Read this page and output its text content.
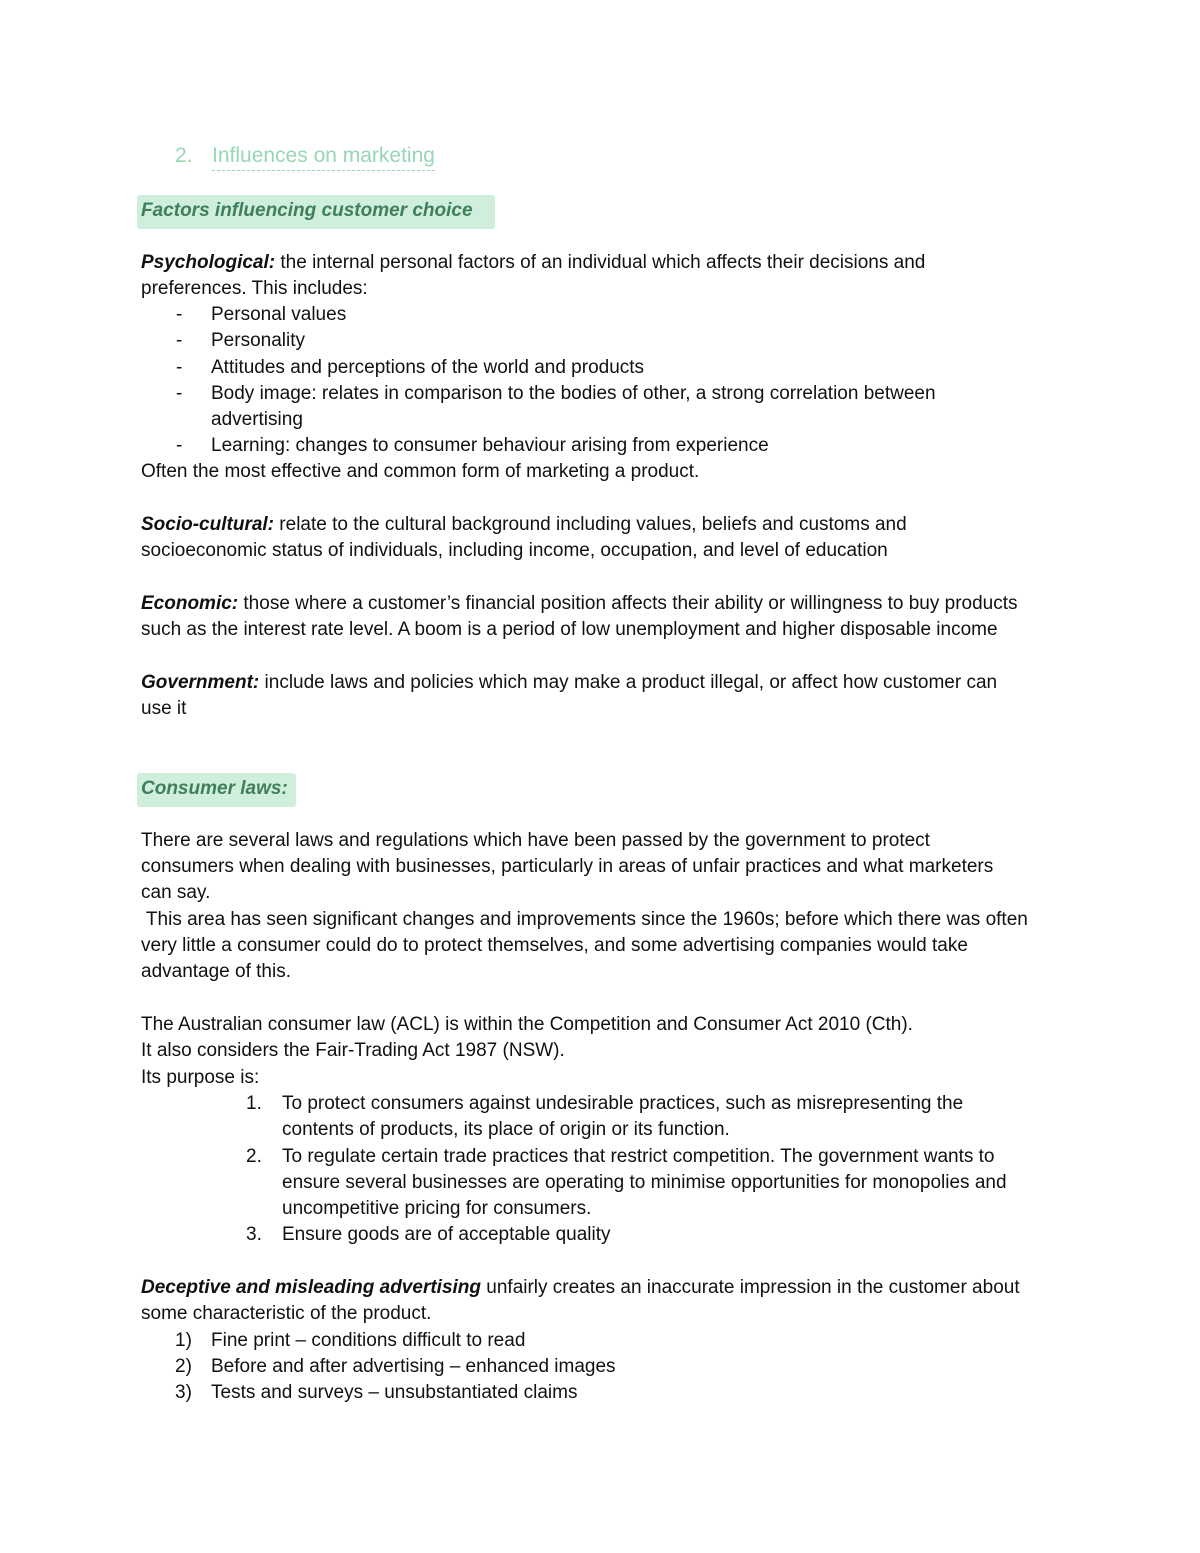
2. Influences on marketing
Factors influencing customer choice
Psychological: the internal personal factors of an individual which affects their decisions and
preferences. This includes:
- Personal values
- Personality
- Attitudes and perceptions of the world and products
- Body image: relates in comparison to the bodies of other, a strong correlation between
advertising
- Learning: changes to consumer behaviour arising from experience
Often the most effective and common form of marketing a product.
Socio-cultural: relate to the cultural background including values, beliefs and customs and
socioeconomic status of individuals, including income, occupation, and level of education
Economic: those where a customer’s financial position affects their ability or willingness to buy products
such as the interest rate level. A boom is a period of low unemployment and higher disposable income
Government: include laws and policies which may make a product illegal, or affect how customer can
use it
Consumer laws:
There are several laws and regulations which have been passed by the government to protect
consumers when dealing with businesses, particularly in areas of unfair practices and what marketers
can say.
This area has seen significant changes and improvements since the 1960s; before which there was often
very little a consumer could do to protect themselves, and some advertising companies would take
advantage of this.
The Australian consumer law (ACL) is within the Competition and Consumer Act 2010 (Cth).
It also considers the Fair-Trading Act 1987 (NSW).
Its purpose is:
1. To protect consumers against undesirable practices, such as misrepresenting the
contents of products, its place of origin or its function.
2. To regulate certain trade practices that restrict competition. The government wants to
ensure several businesses are operating to minimise opportunities for monopolies and
uncompetitive pricing for consumers.
3. Ensure goods are of acceptable quality
Deceptive and misleading advertising unfairly creates an inaccurate impression in the customer about
some characteristic of the product.
1) Fine print – conditions difficult to read
2) Before and after advertising – enhanced images
3) Tests and surveys – unsubstantiated claims
